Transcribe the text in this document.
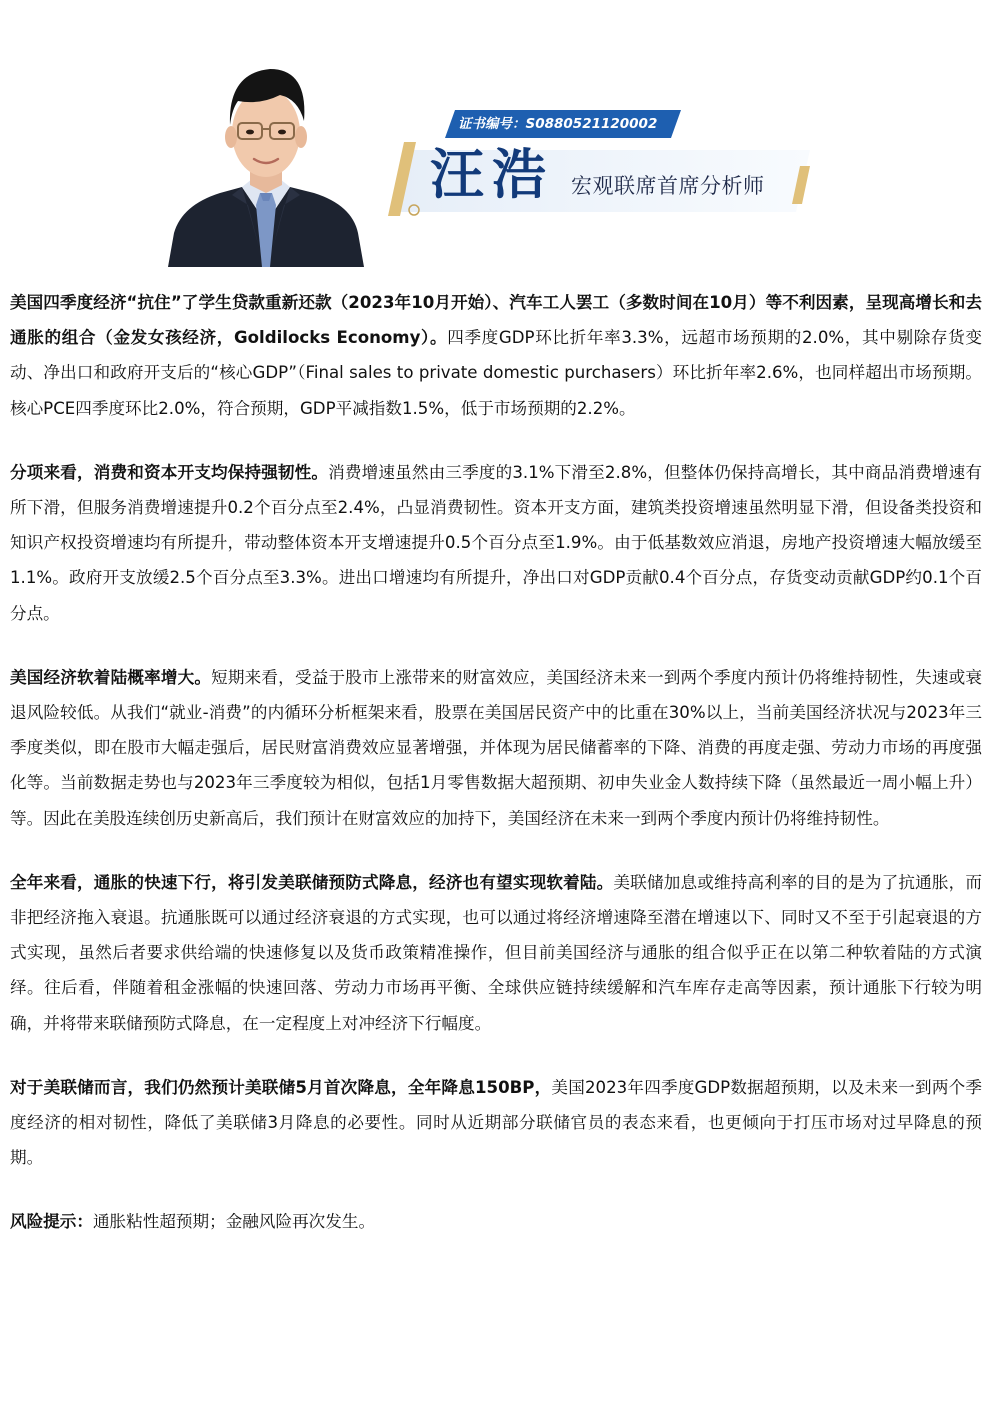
证书编号：S0880521120002
汪浩 宏观联席首席分析师

美国四季度经济“抗住”了学生贷款重新还款（2023年10月开始）、汽车工人罢工（多数时间在10月）等不利因素，呈现高增长和去通胀的组合（金发女孩经济，Goldilocks Economy）。四季度GDP环比折年率3.3%，远超市场预期的2.0%，其中剔除存货变动、净出口和政府开支后的“核心GDP”（Final sales to private domestic purchasers）环比折年率2.6%，也同样超出市场预期。核心PCE四季度环比2.0%，符合预期，GDP平减指数1.5%，低于市场预期的2.2%。

分项来看，消费和资本开支均保持强韧性。消费增速虽然由三季度的3.1%下滑至2.8%，但整体仍保持高增长，其中商品消费增速有所下滑，但服务消费增速提升0.2个百分点至2.4%，凸显消费韧性。资本开支方面，建筑类投资增速虽然明显下滑，但设备类投资和知识产权投资增速均有所提升，带动整体资本开支增速提升0.5个百分点至1.9%。由于低基数效应消退，房地产投资增速大幅放缓至1.1%。政府开支放缓2.5个百分点至3.3%。进出口增速均有所提升，净出口对GDP贡献0.4个百分点，存货变动贡献GDP约0.1个百分点。

美国经济软着陆概率增大。短期来看，受益于股市上涨带来的财富效应，美国经济未来一到两个季度内预计仍将维持韧性，失速或衰退风险较低。从我们“就业-消费”的内循环分析框架来看，股票在美国居民资产中的比重在30%以上，当前美国经济状况与2023年三季度类似，即在股市大幅走强后，居民财富消费效应显著增强，并体现为居民储蓄率的下降、消费的再度走强、劳动力市场的再度强化等。当前数据走势也与2023年三季度较为相似，包括1月零售数据大超预期、初申失业金人数持续下降（虽然最近一周小幅上升）等。因此在美股连续创历史新高后，我们预计在财富效应的加持下，美国经济在未来一到两个季度内预计仍将维持韧性。

全年来看，通胀的快速下行，将引发美联储预防式降息，经济也有望实现软着陆。美联储加息或维持高利率的目的是为了抗通胀，而非把经济拖入衰退。抗通胀既可以通过经济衰退的方式实现，也可以通过将经济增速降至潜在增速以下、同时又不至于引起衰退的方式实现，虽然后者要求供给端的快速修复以及货币政策精准操作，但目前美国经济与通胀的组合似乎正在以第二种软着陆的方式演绎。往后看，伴随着租金涨幅的快速回落、劳动力市场再平衡、全球供应链持续缓解和汽车库存走高等因素，预计通胀下行较为明确，并将带来联储预防式降息，在一定程度上对冲经济下行幅度。

对于美联储而言，我们仍然预计美联储5月首次降息，全年降息150BP，美国2023年四季度GDP数据超预期，以及未来一到两个季度经济的相对韧性，降低了美联储3月降息的必要性。同时从近期部分联储官员的表态来看，也更倾向于打压市场对过早降息的预期。

风险提示：通胀粘性超预期；金融风险再次发生。
